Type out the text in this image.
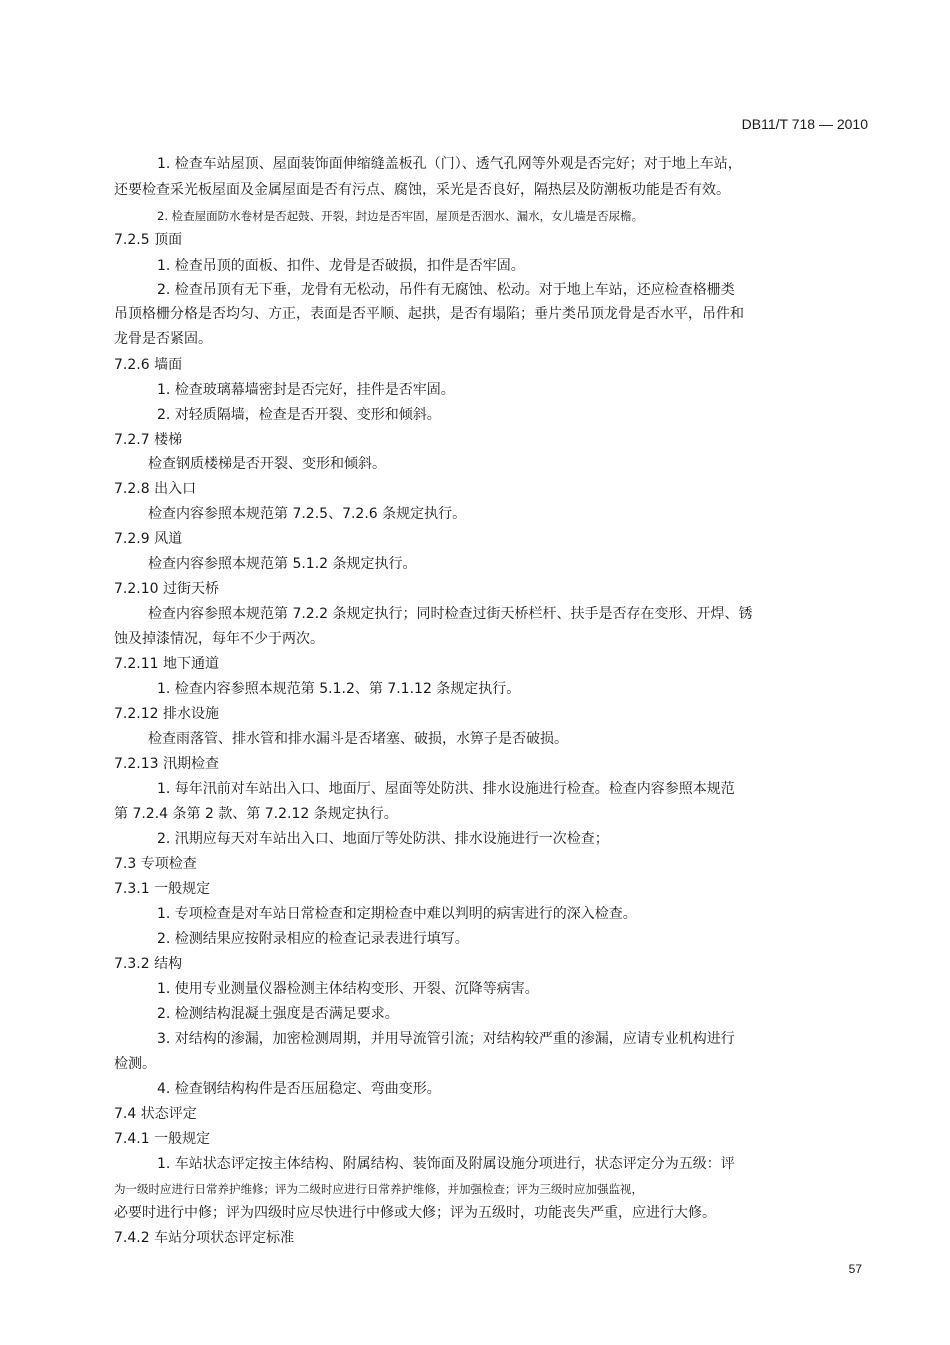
DB11/T 718 — 2010
1. 检查车站屋顶、屋面装饰面伸缩缝盖板孔（门）、透气孔网等外观是否完好；对于地上车站，
还要检查采光板屋面及金属屋面是否有污点、腐蚀，采光是否良好，隔热层及防潮板功能是否有效。
2. 检查屋面防水卷材是否起鼓、开裂，封边是否牢固，屋顶是否洇水、漏水，女儿墙是否尿檐。
7.2.5 顶面
1. 检查吊顶的面板、扣件、龙骨是否破损，扣件是否牢固。
2. 检查吊顶有无下垂，龙骨有无松动，吊件有无腐蚀、松动。对于地上车站，还应检查格栅类
吊顶格栅分格是否均匀、方正，表面是否平顺、起拱，是否有塌陷；垂片类吊顶龙骨是否水平，吊件和
龙骨是否紧固。
7.2.6 墙面
1. 检查玻璃幕墙密封是否完好，挂件是否牢固。
2. 对轻质隔墙，检查是否开裂、变形和倾斜。
7.2.7 楼梯
检查钢质楼梯是否开裂、变形和倾斜。
7.2.8 出入口
检查内容参照本规范第 7.2.5、7.2.6 条规定执行。
7.2.9 风道
检查内容参照本规范第 5.1.2 条规定执行。
7.2.10 过街天桥
检查内容参照本规范第 7.2.2 条规定执行；同时检查过街天桥栏杆、扶手是否存在变形、开焊、锈
蚀及掉漆情况，每年不少于两次。
7.2.11 地下通道
1. 检查内容参照本规范第 5.1.2、第 7.1.12 条规定执行。
7.2.12 排水设施
检查雨落管、排水管和排水漏斗是否堵塞、破损，水箅子是否破损。
7.2.13 汛期检查
1. 每年汛前对车站出入口、地面厅、屋面等处防洪、排水设施进行检查。检查内容参照本规范
第 7.2.4 条第 2 款、第 7.2.12 条规定执行。
2. 汛期应每天对车站出入口、地面厅等处防洪、排水设施进行一次检查；
7.3 专项检查
7.3.1 一般规定
1. 专项检查是对车站日常检查和定期检查中难以判明的病害进行的深入检查。
2. 检测结果应按附录相应的检查记录表进行填写。
7.3.2 结构
1. 使用专业测量仪器检测主体结构变形、开裂、沉降等病害。
2. 检测结构混凝土强度是否满足要求。
3. 对结构的渗漏，加密检测周期，并用导流管引流；对结构较严重的渗漏，应请专业机构进行
检测。
4. 检查钢结构构件是否压屈稳定、弯曲变形。
7.4 状态评定
7.4.1 一般规定
1. 车站状态评定按主体结构、附属结构、装饰面及附属设施分项进行，状态评定分为五级：评
为一级时应进行日常养护维修；评为二级时应进行日常养护维修，并加强检查；评为三级时应加强监视，
必要时进行中修；评为四级时应尽快进行中修或大修；评为五级时，功能丧失严重，应进行大修。
7.4.2 车站分项状态评定标准
57
